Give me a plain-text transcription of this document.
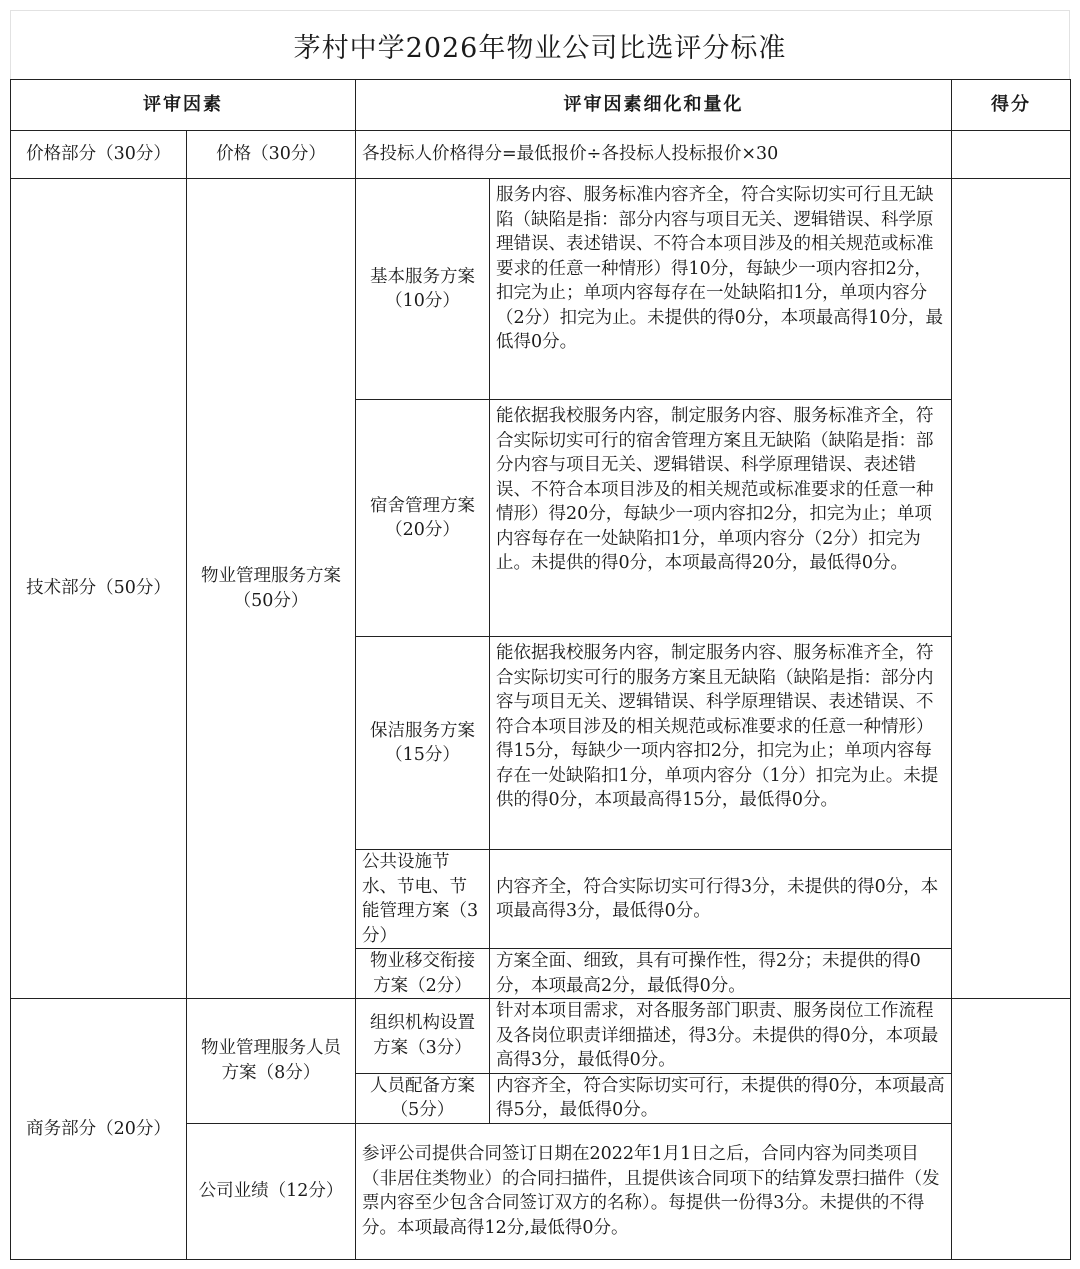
茅村中学2026年物业公司比选评分标准
评审因素		评审因素细化和量化		得分
价格部分（30分）	价格（30分）	各投标人价格得分=最低报价÷各投标人投标报价×30		
技术部分（50分）	物业管理服务方案（50分）	基本服务方案（10分）	服务内容、服务标准内容齐全，符合实际切实可行且无缺陷（缺陷是指：部分内容与项目无关、逻辑错误、科学原理错误、表述错误、不符合本项目涉及的相关规范或标准要求的任意一种情形）得10分，每缺少一项内容扣2分，扣完为止；单项内容每存在一处缺陷扣1分，单项内容分（2分）扣完为止。未提供的得0分，本项最高得10分，最低得0分。	
		宿舍管理方案（20分）	能依据我校服务内容，制定服务内容、服务标准齐全，符合实际切实可行的宿舍管理方案且无缺陷（缺陷是指：部分内容与项目无关、逻辑错误、科学原理错误、表述错误、不符合本项目涉及的相关规范或标准要求的任意一种情形）得20分，每缺少一项内容扣2分，扣完为止；单项内容每存在一处缺陷扣1分，单项内容分（2分）扣完为止。未提供的得0分，本项最高得20分，最低得0分。	
		保洁服务方案（15分）	能依据我校服务内容，制定服务内容、服务标准齐全，符合实际切实可行的服务方案且无缺陷（缺陷是指：部分内容与项目无关、逻辑错误、科学原理错误、表述错误、不符合本项目涉及的相关规范或标准要求的任意一种情形）得15分，每缺少一项内容扣2分，扣完为止；单项内容每存在一处缺陷扣1分，单项内容分（1分）扣完为止。未提供的得0分，本项最高得15分，最低得0分。	
		公共设施节水、节电、节能管理方案（3分）	内容齐全，符合实际切实可行得3分，未提供的得0分，本项最高得3分，最低得0分。	
		物业移交衔接方案（2分）	方案全面、细致，具有可操作性，得2分；未提供的得0分，本项最高2分，最低得0分。	
商务部分（20分）	物业管理服务人员方案（8分）	组织机构设置方案（3分）	针对本项目需求，对各服务部门职责、服务岗位工作流程及各岗位职责详细描述，得3分。未提供的得0分，本项最高得3分，最低得0分。	
		人员配备方案（5分）	内容齐全，符合实际切实可行，未提供的得0分，本项最高得5分，最低得0分。	
	公司业绩（12分）	参评公司提供合同签订日期在2022年1月1日之后，合同内容为同类项目（非居住类物业）的合同扫描件，且提供该合同项下的结算发票扫描件（发票内容至少包含合同签订双方的名称）。每提供一份得3分。未提供的不得分。本项最高得12分,最低得0分。		
